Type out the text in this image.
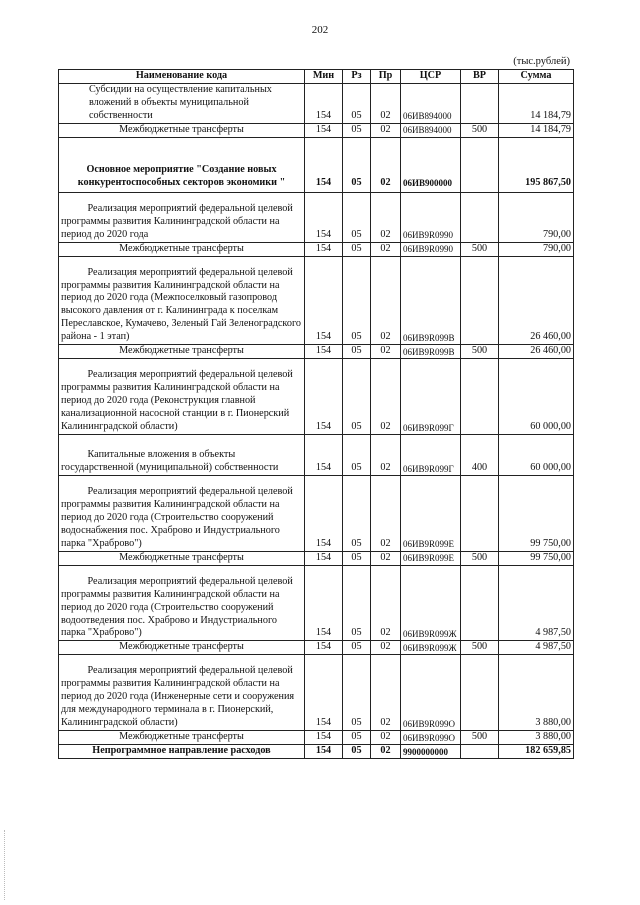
202
(тыс.рублей)
Наименование кода	Мин	Рз	Пр	ЦСР	ВР	Сумма
Субсидии на осуществление капитальных вложений в объекты муниципальной собственности	154	05	02	06ИВ894000		14 184,79
Межбюджетные трансферты	154	05	02	06ИВ894000	500	14 184,79
Основное мероприятие "Создание новых конкурентоспособных секторов экономики "	154	05	02	06ИВ900000		195 867,50
Реализация мероприятий федеральной целевой программы развития Калининградской области на период до 2020 года	154	05	02	06ИВ9R0990		790,00
Межбюджетные трансферты	154	05	02	06ИВ9R0990	500	790,00
Реализация мероприятий федеральной целевой программы развития Калининградской области на период до 2020 года (Межпоселковый газопровод высокого давления от г. Калининграда к поселкам Переславское, Кумачево, Зеленый Гай Зеленоградского района - 1 этап)	154	05	02	06ИВ9R099В		26 460,00
Межбюджетные трансферты	154	05	02	06ИВ9R099В	500	26 460,00
Реализация мероприятий федеральной целевой программы развития Калининградской области на период до 2020 года (Реконструкция главной канализационной насосной станции в г. Пионерский Калининградской области)	154	05	02	06ИВ9R099Г		60 000,00
Капитальные вложения в объекты государственной (муниципальной) собственности	154	05	02	06ИВ9R099Г	400	60 000,00
Реализация мероприятий федеральной целевой программы развития Калининградской области на период до 2020 года (Строительство сооружений водоснабжения пос. Храброво и Индустриального парка "Храброво")	154	05	02	06ИВ9R099Е		99 750,00
Межбюджетные трансферты	154	05	02	06ИВ9R099Е	500	99 750,00
Реализация мероприятий федеральной целевой программы развития Калининградской области на период до 2020 года (Строительство сооружений водоотведения пос. Храброво и Индустриального парка "Храброво")	154	05	02	06ИВ9R099Ж		4 987,50
Межбюджетные трансферты	154	05	02	06ИВ9R099Ж	500	4 987,50
Реализация мероприятий федеральной целевой программы развития Калининградской области на период до 2020 года (Инженерные сети и сооружения для международного терминала в г. Пионерский, Калининградской области)	154	05	02	06ИВ9R099О		3 880,00
Межбюджетные трансферты	154	05	02	06ИВ9R099О	500	3 880,00
Непрограммное направление расходов	154	05	02	9900000000		182 659,85
